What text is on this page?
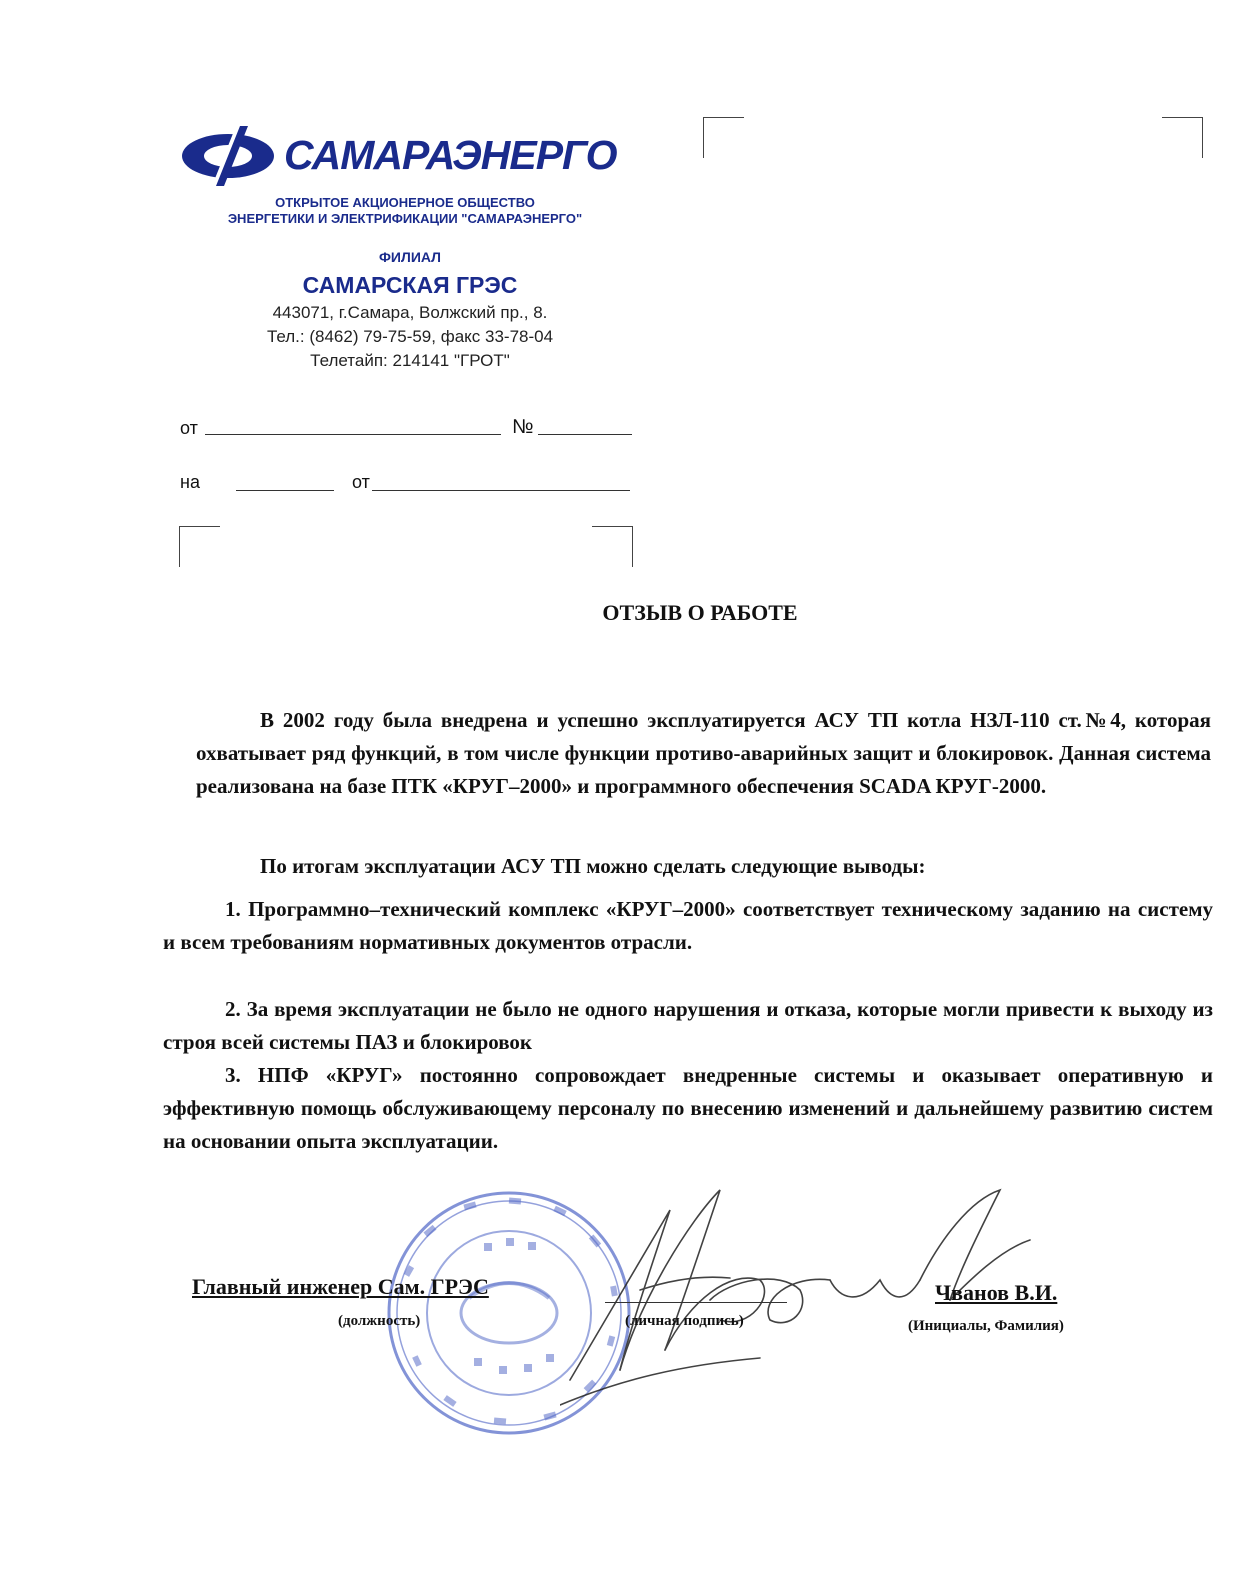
САМАРАЭНЕРГО
ОТКРЫТОЕ АКЦИОНЕРНОЕ ОБЩЕСТВО
ЭНЕРГЕТИКИ И ЭЛЕКТРИФИКАЦИИ "САМАРАЭНЕРГО"
ФИЛИАЛ
САМАРСКАЯ ГРЭС
443071, г.Самара, Волжский пр., 8.
Тел.: (8462) 79-75-59, факс 33-78-04
Телетайп: 214141 "ГРОТ"
от	№
на	от
ОТЗЫВ О РАБОТЕ
В 2002 году была внедрена и успешно эксплуатируется АСУ ТП котла НЗЛ-110 ст.№4, которая охватывает ряд функций, в том числе функции противо-аварийных защит и блокировок. Данная система реализована на базе ПТК «КРУГ–2000» и программного обеспечения SCADA КРУГ-2000.
По итогам эксплуатации АСУ ТП можно сделать следующие выводы:
1. Программно–технический комплекс «КРУГ–2000» соответствует техническому заданию на систему и всем требованиям нормативных документов отрасли.
2. За время эксплуатации не было не одного нарушения и отказа, которые могли привести к выходу из строя всей системы ПАЗ и блокировок
3. НПФ «КРУГ» постоянно сопровождает внедренные системы и оказывает оперативную и эффективную помощь обслуживающему персоналу по внесению изменений и дальнейшему развитию систем на основании опыта эксплуатации.
Главный инженер Сам. ГРЭС
(должность)	(личная подпись)
Чванов В.И.
(Инициалы, Фамилия)
